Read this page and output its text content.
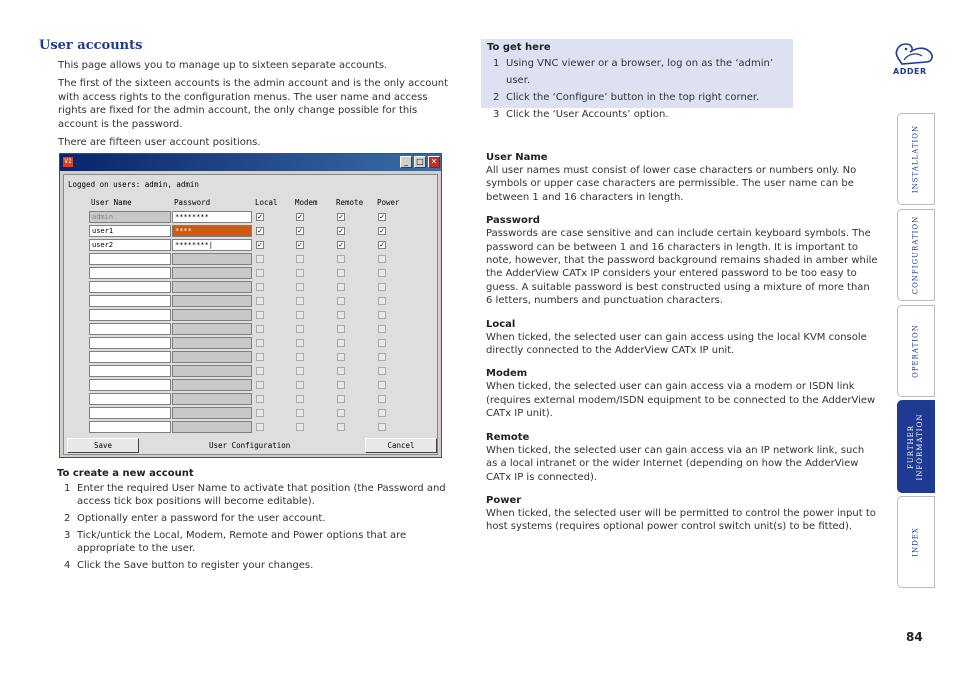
User accounts

This page allows you to manage up to sixteen separate accounts.

The first of the sixteen accounts is the admin account and is the only account with access rights to the configuration menus. The user name and access rights are fixed for the admin account, the only change possible for this account is the password.

There are fifteen user account positions.

V2	_	□ ✕
Logged on users: admin, admin
User Name	Password	Local Modem Remote Power
Save	User Configuration	Cancel
admin	********	✓	✓	✓	✓
user1	****	✓	✓	✓	✓
user2	********|	✓	✓	✓	✓
To create a new account
1 Enter the required User Name to activate that position (the Password and access tick box positions will become editable).
2 Optionally enter a password for the user account.
3 Tick/untick the Local, Modem, Remote and Power options that are appropriate to the user.
4 Click the Save button to register your changes.
To get here
1 Using VNC viewer or a browser, log on as the ‘admin’ user.
2 Click the ‘Configure’ button in the top right corner.
3 Click the ‘User Accounts’ option.
User Name

All user names must consist of lower case characters or numbers only. No symbols or upper case characters are permissible. The user name can be between 1 and 16 characters in length.

Password

Passwords are case sensitive and can include certain keyboard symbols. The password can be between 1 and 16 characters in length. It is important to note, however, that the password background remains shaded in amber while the AdderView CATx IP considers your entered password to be too easy to guess. A suitable password is best constructed using a mixture of more than 6 letters, numbers and punctuation characters.

Local

When ticked, the selected user can gain access using the local KVM console directly connected to the AdderView CATx IP unit.

Modem

When ticked, the selected user can gain access via a modem or ISDN link (requires external modem/ISDN equipment to be connected to the AdderView CATx IP unit).

Remote

When ticked, the selected user can gain access via an IP network link, such as a local intranet or the wider Internet (depending on how the AdderView CATx IP is connected).

Power

When ticked, the selected user will be permitted to control the power input to host systems (requires optional power control switch unit(s) to be fitted).

ADDER
INSTALLATION
CONFIGURATION
OPERATION
FURTHER
INFORMATION
INDEX
84
